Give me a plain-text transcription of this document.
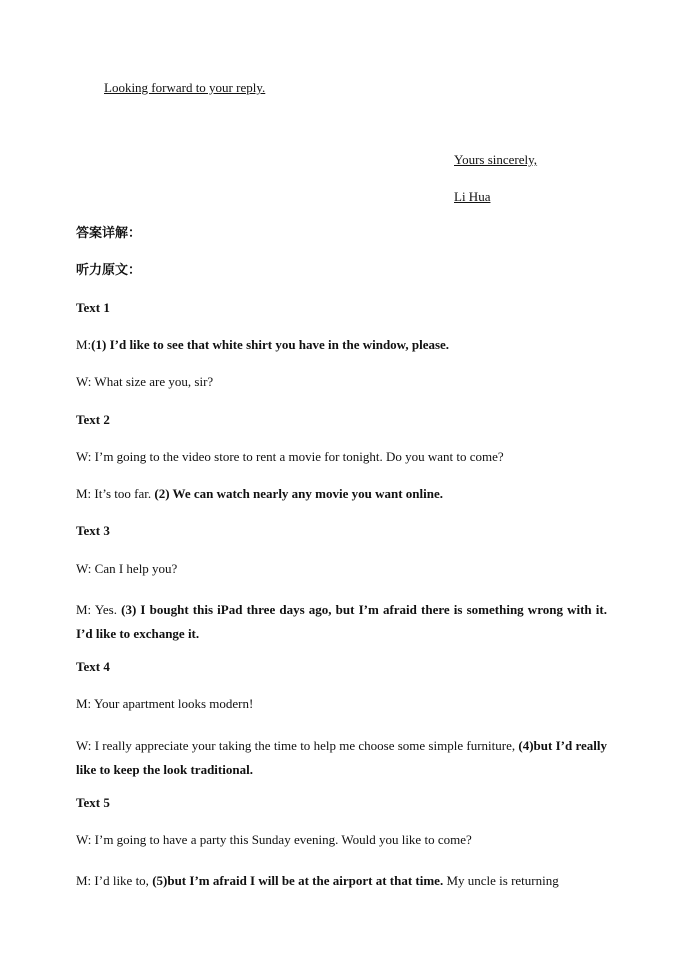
Looking forward to your reply.
Yours sincerely,
Li Hua
答案详解：
听力原文：
Text 1
M:(1) I’d like to see that white shirt you have in the window, please.
W: What size are you, sir?
Text 2
W: I’m going to the video store to rent a movie for tonight. Do you want to come?
M: It’s too far. (2) We can watch nearly any movie you want online.
Text 3
W: Can I help you?
M: Yes. (3) I bought this iPad three days ago, but I’m afraid there is something wrong with it. I’d like to exchange it.
Text 4
M: Your apartment looks modern!
W: I really appreciate your taking the time to help me choose some simple furniture, (4)but I’d really like to keep the look traditional.
Text 5
W: I’m going to have a party this Sunday evening. Would you like to come?
M: I’d like to, (5)but I’m afraid I will be at the airport at that time. My uncle is returning
